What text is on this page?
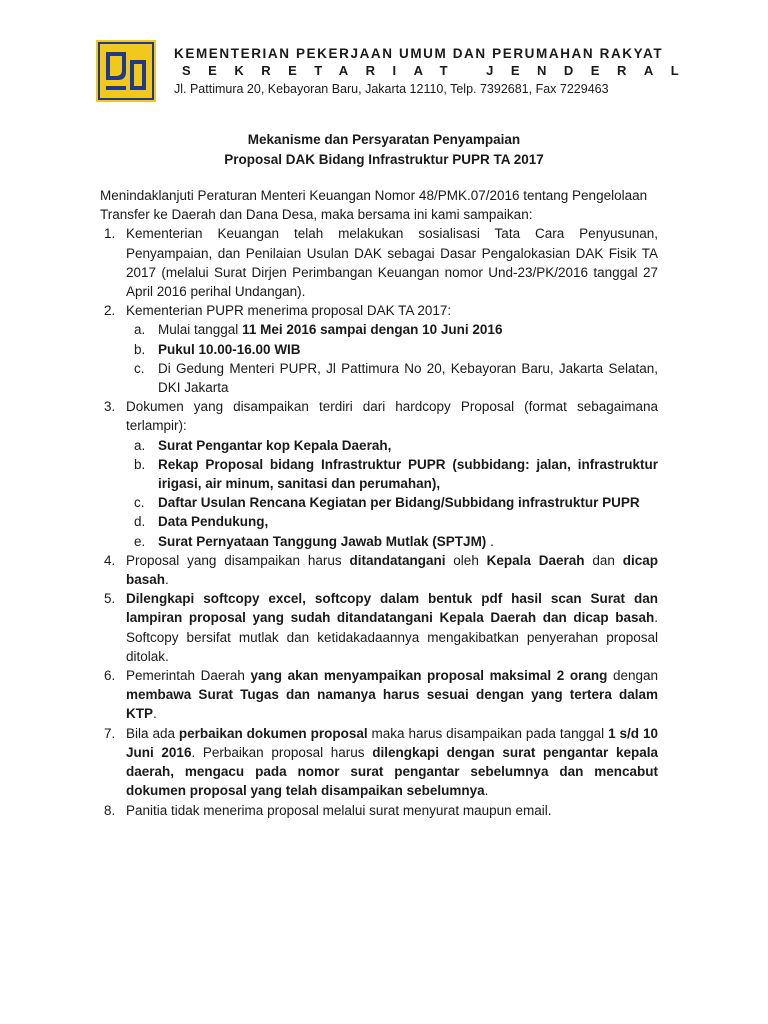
KEMENTERIAN PEKERJAAN UMUM DAN PERUMAHAN RAKYAT
SEKRETARIAT JENDERAL
Jl. Pattimura 20, Kebayoran Baru, Jakarta 12110, Telp. 7392681, Fax 7229463
Mekanisme dan Persyaratan Penyampaian
Proposal DAK Bidang Infrastruktur PUPR TA 2017

Menindaklanjuti Peraturan Menteri Keuangan Nomor 48/PMK.07/2016 tentang Pengelolaan Transfer ke Daerah dan Dana Desa, maka bersama ini kami sampaikan:

1. Kementerian Keuangan telah melakukan sosialisasi Tata Cara Penyusunan, Penyampaian, dan Penilaian Usulan DAK sebagai Dasar Pengalokasian DAK Fisik TA 2017 (melalui Surat Dirjen Perimbangan Keuangan nomor Und-23/PK/2016 tanggal 27 April 2016 perihal Undangan).
2. Kementerian PUPR menerima proposal DAK TA 2017:
a. Mulai tanggal 11 Mei 2016 sampai dengan 10 Juni 2016
b. Pukul 10.00-16.00 WIB
c. Di Gedung Menteri PUPR, Jl Pattimura No 20, Kebayoran Baru, Jakarta Selatan, DKI Jakarta
3. Dokumen yang disampaikan terdiri dari hardcopy Proposal (format sebagaimana terlampir):
a. Surat Pengantar kop Kepala Daerah,
b. Rekap Proposal bidang Infrastruktur PUPR (subbidang: jalan, infrastruktur irigasi, air minum, sanitasi dan perumahan),
c. Daftar Usulan Rencana Kegiatan per Bidang/Subbidang infrastruktur PUPR
d. Data Pendukung,
e. Surat Pernyataan Tanggung Jawab Mutlak (SPTJM) .
4. Proposal yang disampaikan harus ditandatangani oleh Kepala Daerah dan dicap basah.
5. Dilengkapi softcopy excel, softcopy dalam bentuk pdf hasil scan Surat dan lampiran proposal yang sudah ditandatangani Kepala Daerah dan dicap basah. Softcopy bersifat mutlak dan ketidakadaannya mengakibatkan penyerahan proposal ditolak.
6. Pemerintah Daerah yang akan menyampaikan proposal maksimal 2 orang dengan membawa Surat Tugas dan namanya harus sesuai dengan yang tertera dalam KTP.
7. Bila ada perbaikan dokumen proposal maka harus disampaikan pada tanggal 1 s/d 10 Juni 2016. Perbaikan proposal harus dilengkapi dengan surat pengantar kepala daerah, mengacu pada nomor surat pengantar sebelumnya dan mencabut dokumen proposal yang telah disampaikan sebelumnya.
8. Panitia tidak menerima proposal melalui surat menyurat maupun email.
